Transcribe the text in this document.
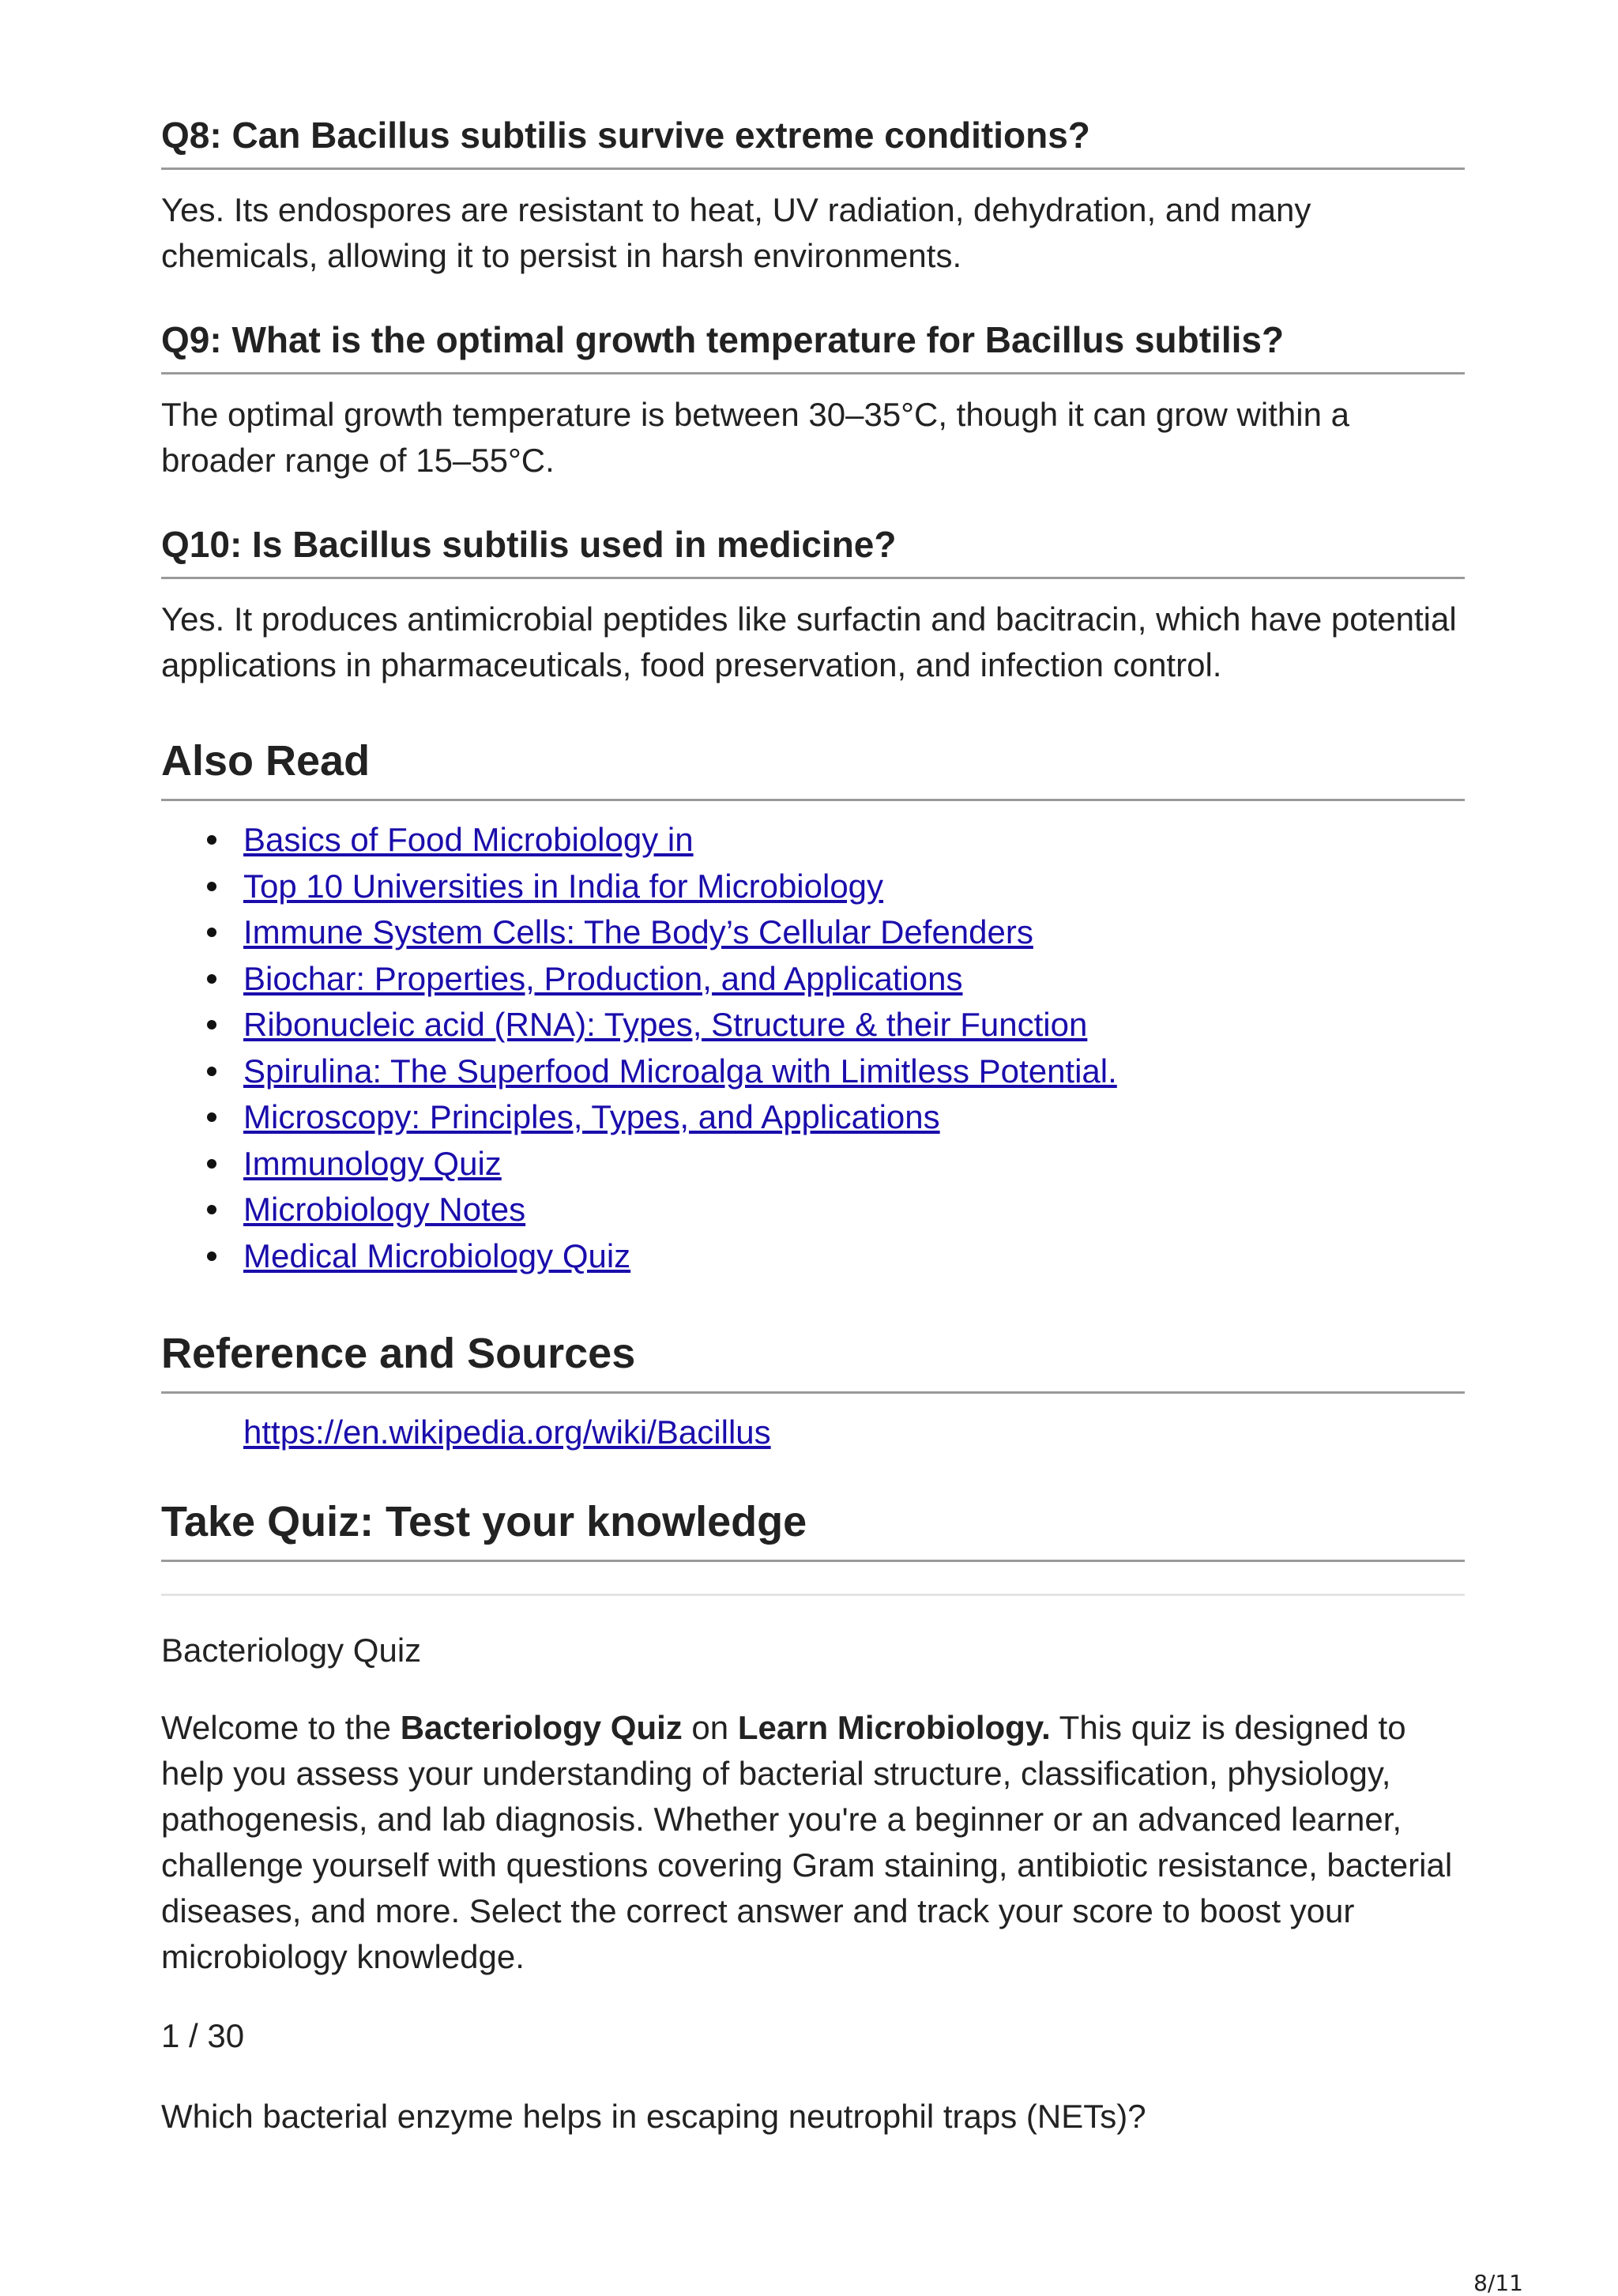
Q8: Can Bacillus subtilis survive extreme conditions?

Yes. Its endospores are resistant to heat, UV radiation, dehydration, and many chemicals, allowing it to persist in harsh environments.

Q9: What is the optimal growth temperature for Bacillus subtilis?

The optimal growth temperature is between 30–35°C, though it can grow within a broader range of 15–55°C.

Q10: Is Bacillus subtilis used in medicine?

Yes. It produces antimicrobial peptides like surfactin and bacitracin, which have potential applications in pharmaceuticals, food preservation, and infection control.

Also Read
Basics of Food Microbiology in
Top 10 Universities in India for Microbiology
Immune System Cells: The Body’s Cellular Defenders
Biochar: Properties, Production, and Applications
Ribonucleic acid (RNA): Types, Structure & their Function
Spirulina: The Superfood Microalga with Limitless Potential.
Microscopy: Principles, Types, and Applications
Immunology Quiz
Microbiology Notes
Medical Microbiology Quiz
Reference and Sources
https://en.wikipedia.org/wiki/Bacillus
Take Quiz: Test your knowledge

Bacteriology Quiz

Welcome to the Bacteriology Quiz on Learn Microbiology. This quiz is designed to help you assess your understanding of bacterial structure, classification, physiology, pathogenesis, and lab diagnosis. Whether you're a beginner or an advanced learner, challenge yourself with questions covering Gram staining, antibiotic resistance, bacterial diseases, and more. Select the correct answer and track your score to boost your microbiology knowledge.

1 / 30

Which bacterial enzyme helps in escaping neutrophil traps (NETs)?

8/11
